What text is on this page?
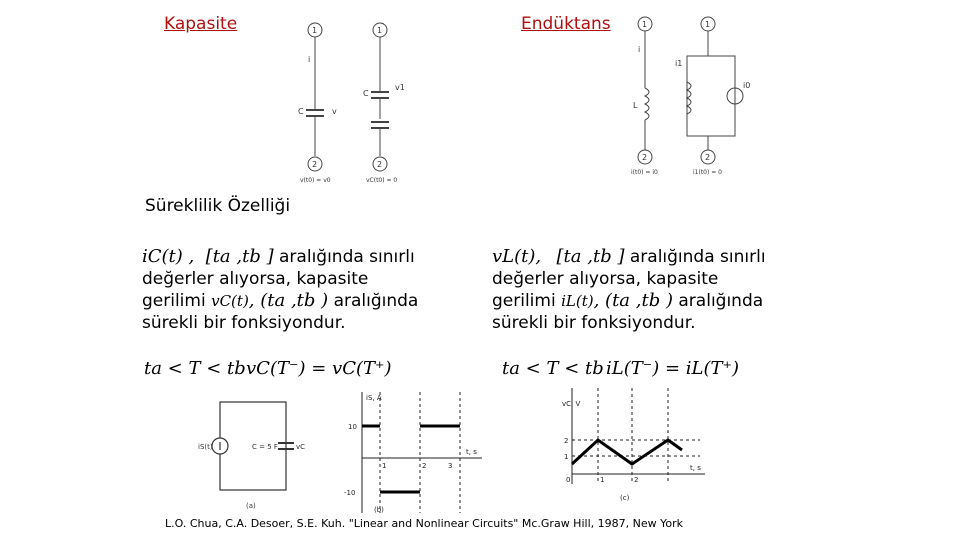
Kapasite	Endüktans
1
2
C	v
i
v(t0) = v0
1
2
C
v1
vC(t0) = 0
1
2
L
i
i(t0) = i0
1
2
i1
i0
i1(t0) = 0
Süreklilik Özelliği
iC(t) , [ta ,tb ] aralığında sınırlı
değerler alıyorsa, kapasite
gerilimi vC(t), (ta ,tb ) aralığında
sürekli bir fonksiyondur.
vL(t), [ta ,tb ] aralığında sınırlı
değerler alıyorsa, kapasite
gerilimi iL(t), (ta ,tb ) aralığında
sürekli bir fonksiyondur.
ta < T < tb vC(T⁻) = vC(T⁺)	ta < T < tb iL(T⁻) = iL(T⁺)
iS(t)	C = 5 F	vC
(a)
iS, A
10
-10
1	2	3
t, s
(b)
vC, V
2
1
0	1	2
t, s
(c)
L.O. Chua, C.A. Desoer, S.E. Kuh. "Linear and Nonlinear Circuits" Mc.Graw Hill, 1987, New York
